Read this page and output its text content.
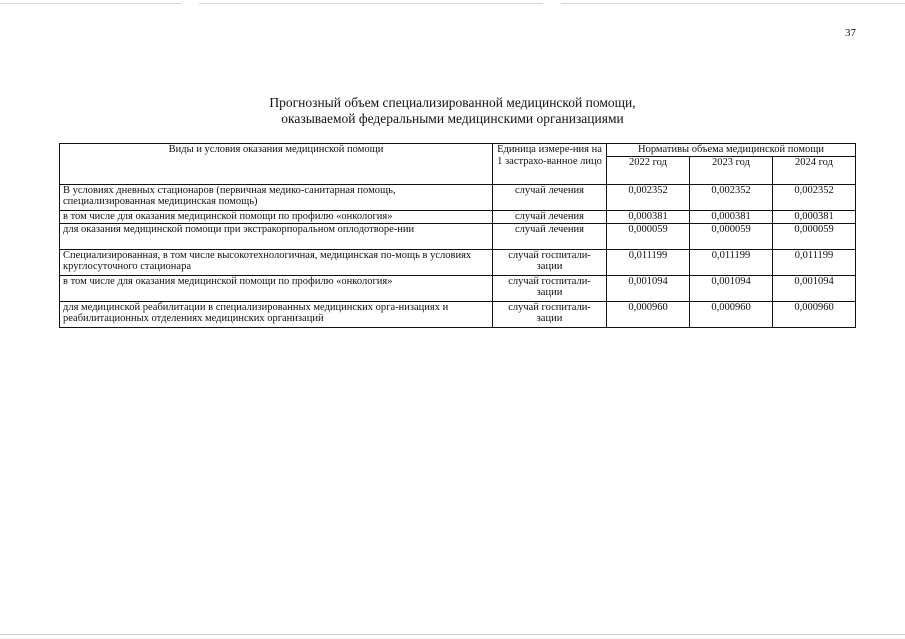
37
Прогнозный объем специализированной медицинской помощи,
оказываемой федеральными медицинскими организациями
Виды и условия оказания медицинской помощи	Единица измере-ния на 1 застрахо-ванное лицо	Нормативы объема медицинской помощи		
		2022 год	2023 год	2024 год
В условиях дневных стационаров (первичная медико-санитарная помощь, специализированная медицинская помощь)	случай лечения	0,002352	0,002352	0,002352
в том числе для оказания медицинской помощи по профилю «онкология»	случай лечения	0,000381	0,000381	0,000381
для оказания медицинской помощи при экстракорпоральном оплодотворе-нии	случай лечения	0,000059	0,000059	0,000059
Специализированная, в том числе высокотехнологичная, медицинская по-мощь в условиях круглосуточного стационара	случай госпитали-зации	0,011199	0,011199	0,011199
в том числе для оказания медицинской помощи по профилю «онкология»	случай госпитали-зации	0,001094	0,001094	0,001094
для медицинской реабилитации в специализированных медицинских орга-низациях и реабилитационных отделениях медицинских организаций	случай госпитали-зации	0,000960	0,000960	0,000960
